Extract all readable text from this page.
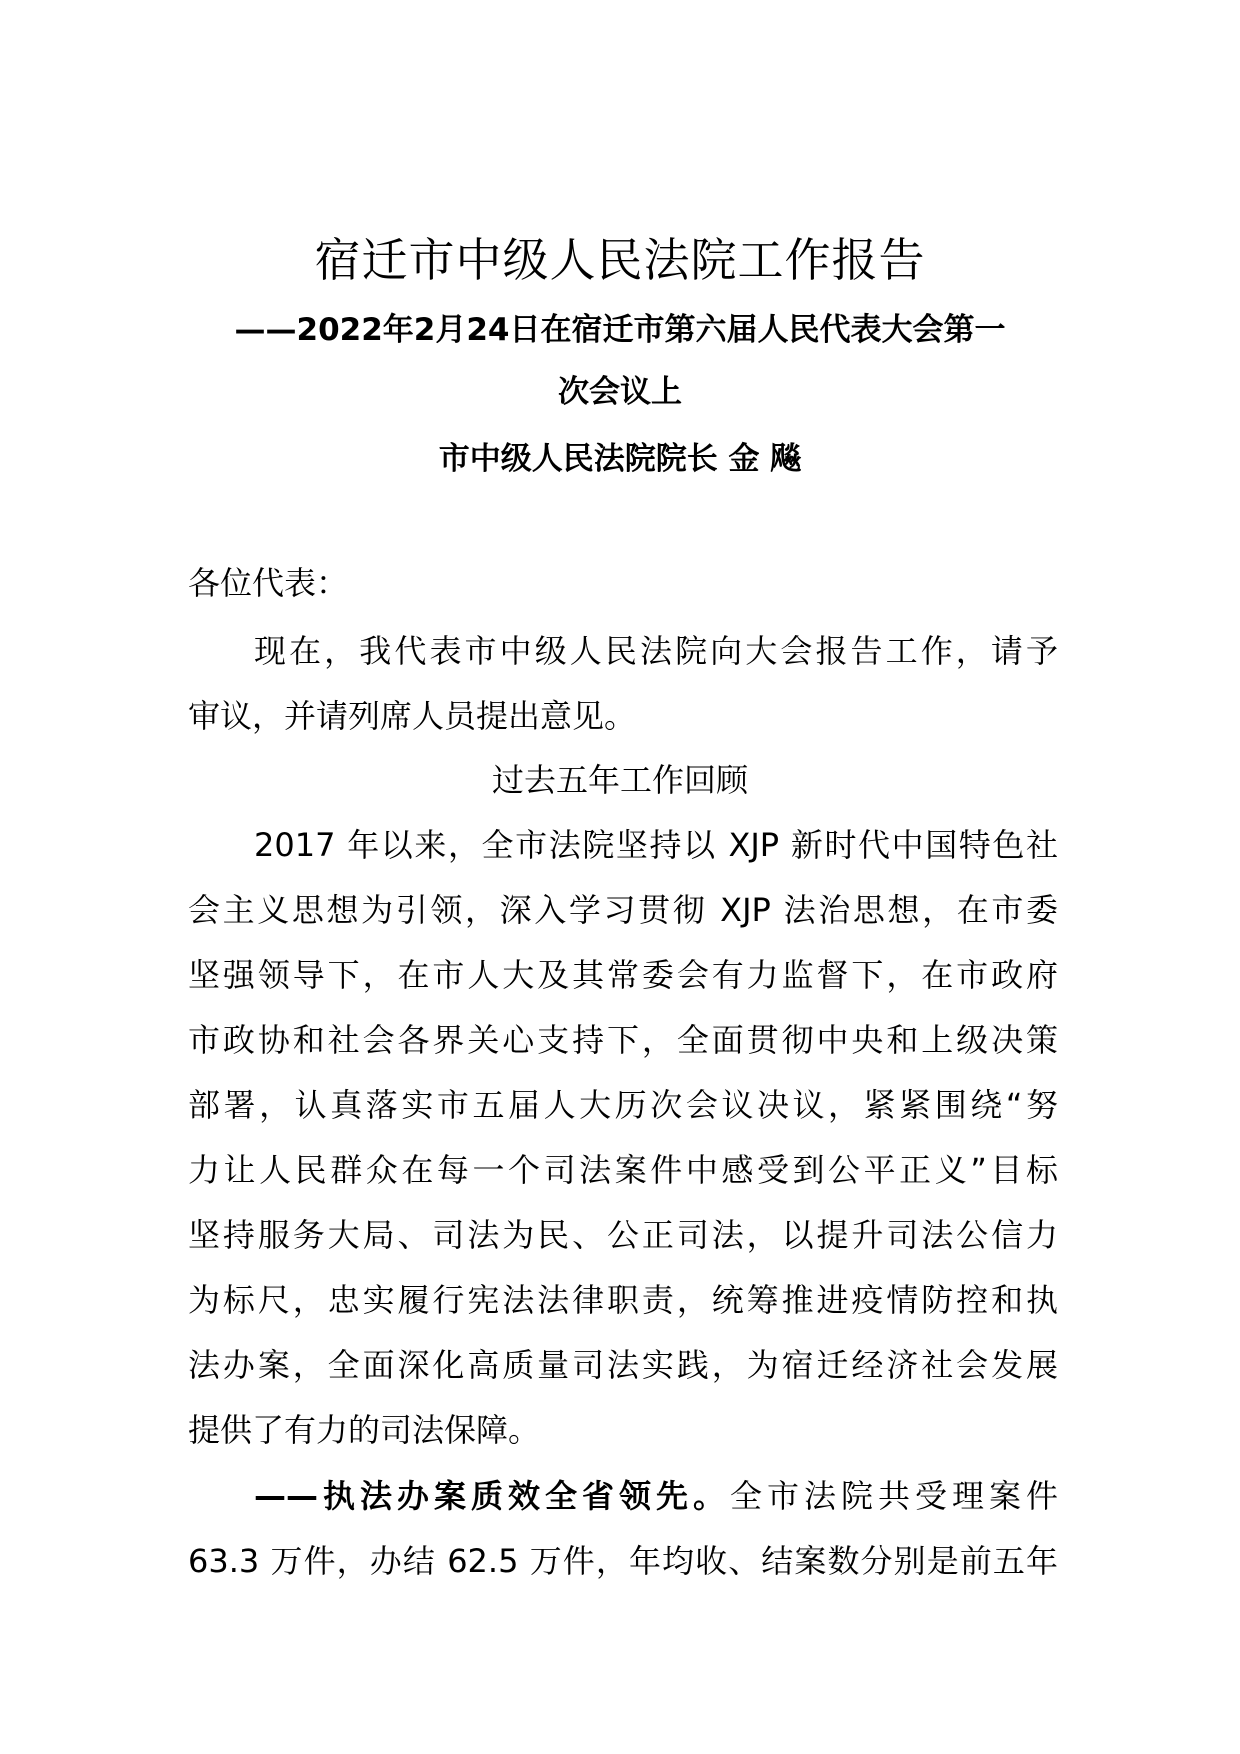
宿迁市中级人民法院工作报告
——2022年2月24日在宿迁市第六届人民代表大会第一
次会议上
市中级人民法院院长 金 飚
各位代表：
现在，我代表市中级人民法院向大会报告工作，请予
审议，并请列席人员提出意见。
过去五年工作回顾
2017 年以来，全市法院坚持以 XJP 新时代中国特色社
会主义思想为引领，深入学习贯彻 XJP 法治思想，在市委
坚强领导下，在市人大及其常委会有力监督下，在市政府
市政协和社会各界关心支持下，全面贯彻中央和上级决策
部署，认真落实市五届人大历次会议决议，紧紧围绕“努
力让人民群众在每一个司法案件中感受到公平正义”目标
坚持服务大局、司法为民、公正司法，以提升司法公信力
为标尺，忠实履行宪法法律职责，统筹推进疫情防控和执
法办案，全面深化高质量司法实践，为宿迁经济社会发展
提供了有力的司法保障。
——执法办案质效全省领先。全市法院共受理案件
63.3 万件，办结 62.5 万件，年均收、结案数分别是前五年
